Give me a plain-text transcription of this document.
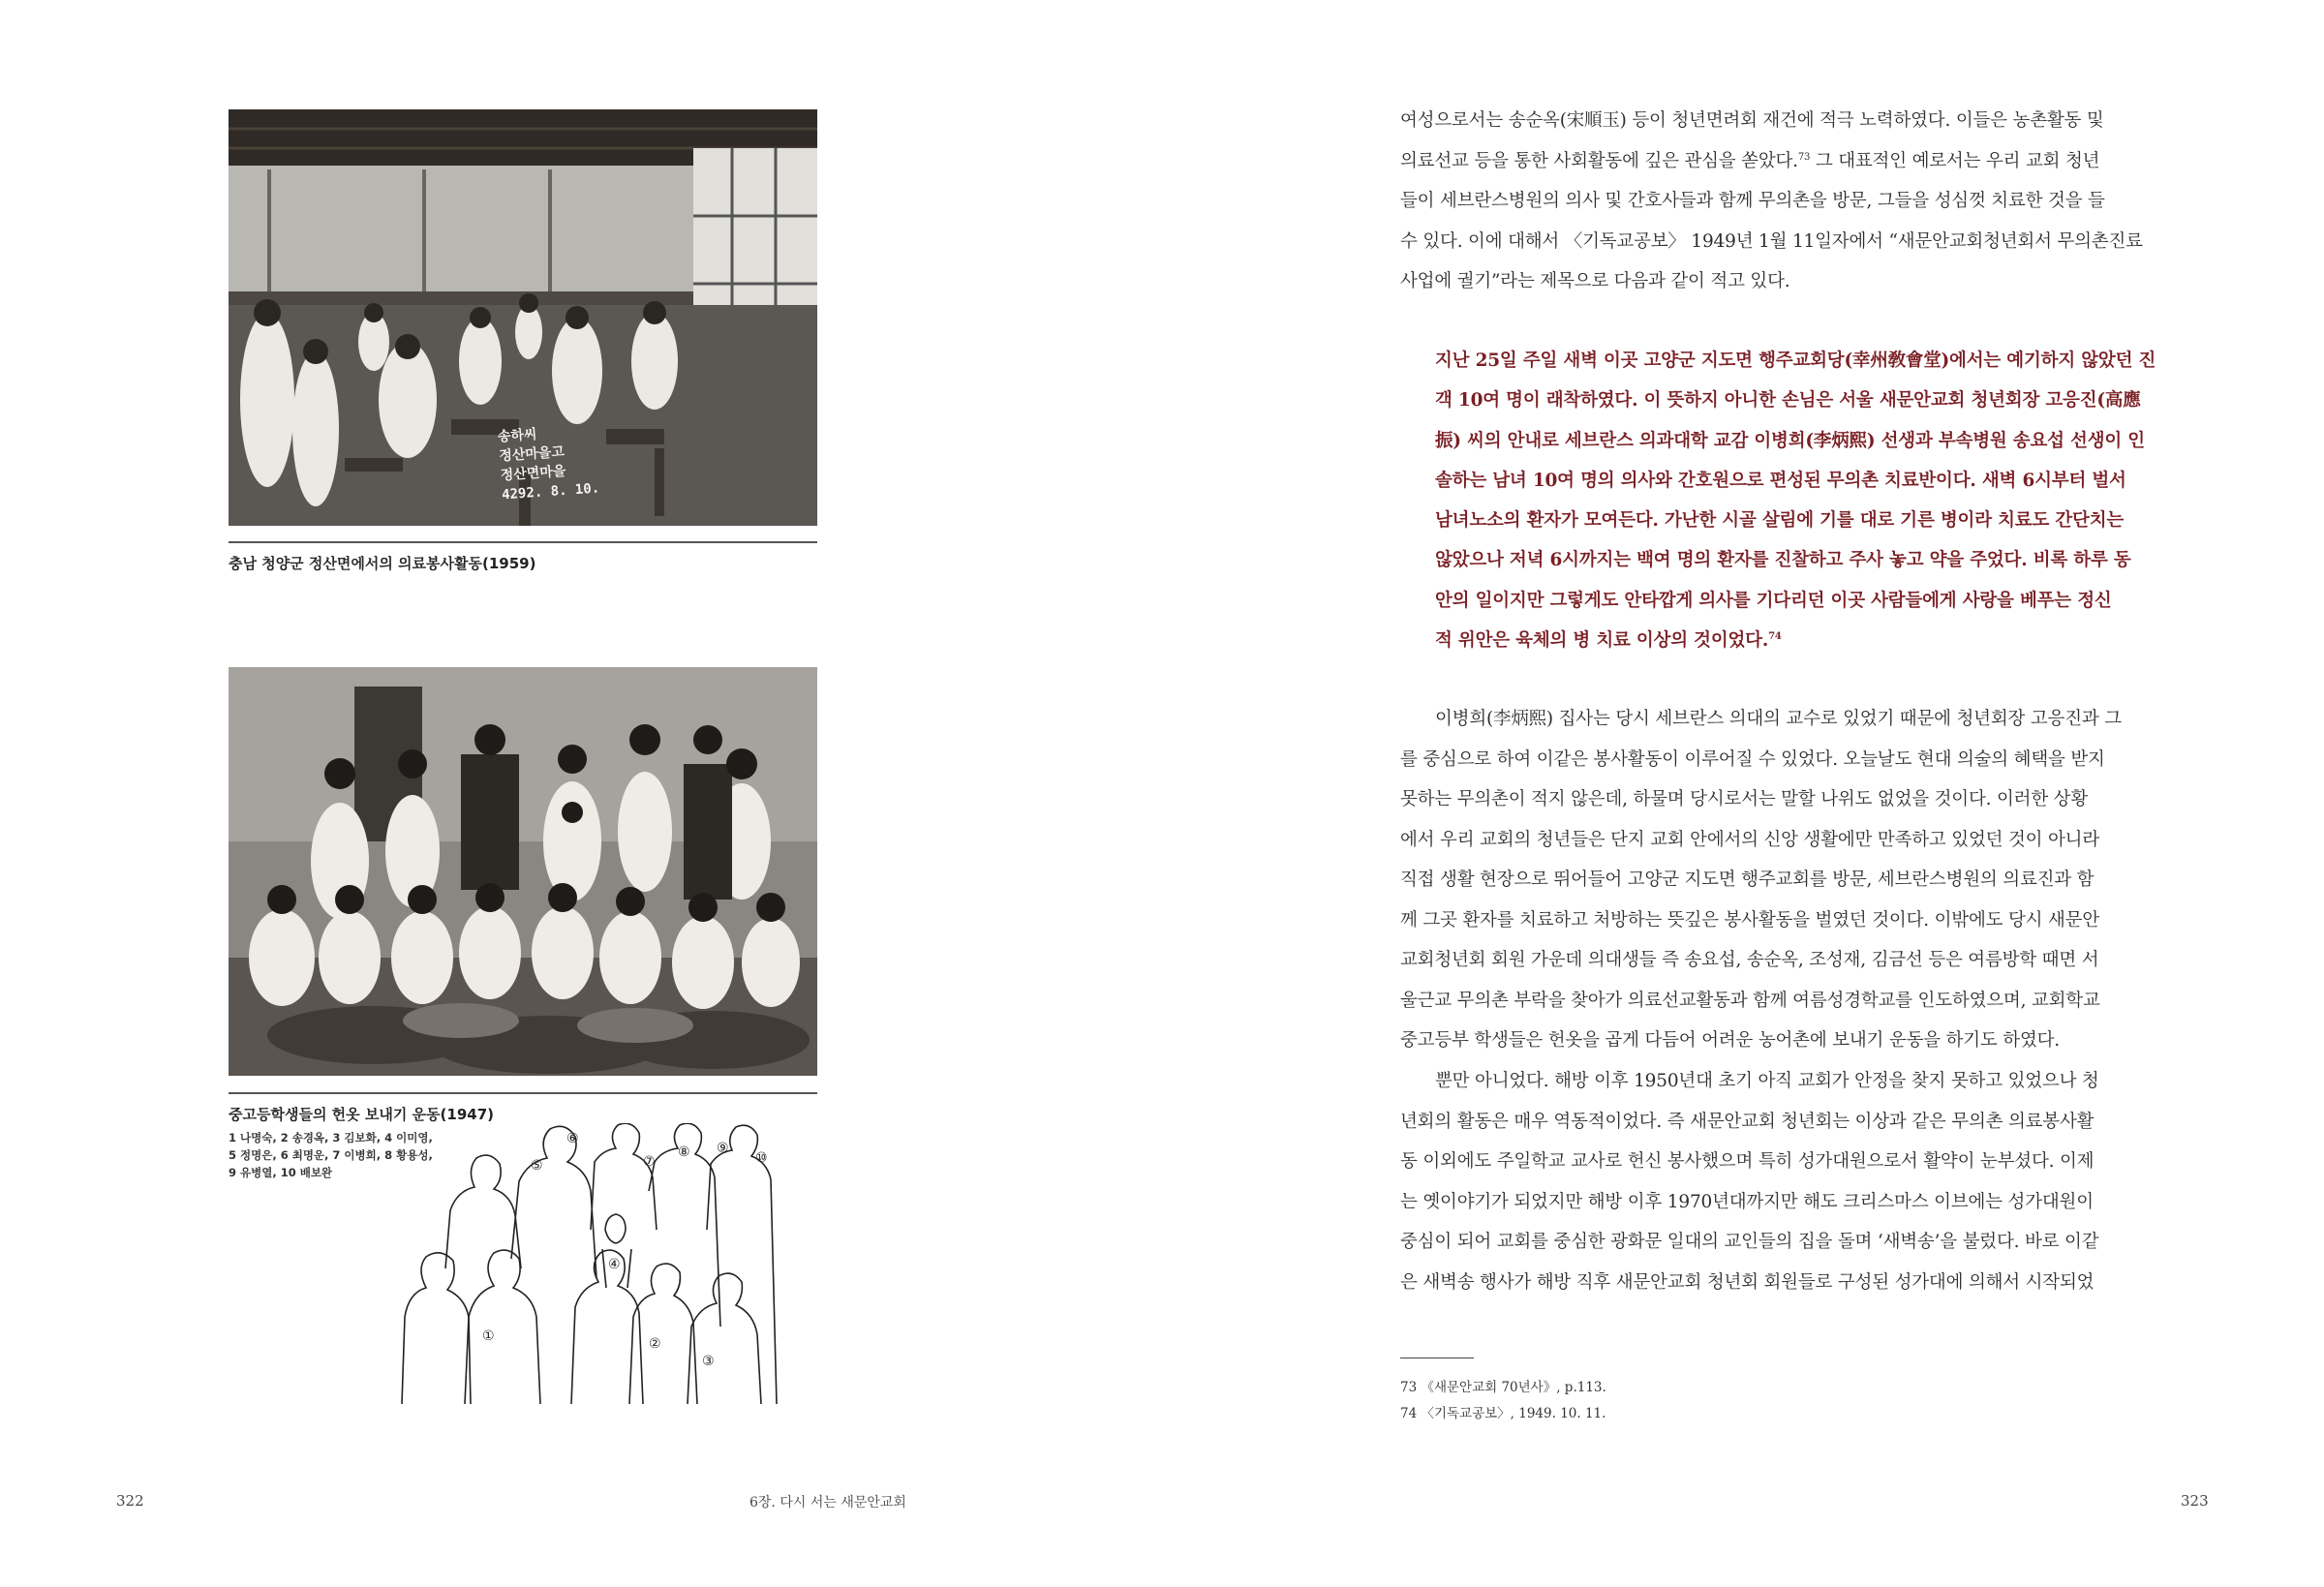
송하씨
정산마을고
정산면마을
4292. 8. 10.
충남 청양군 정산면에서의 의료봉사활동(1959)
중고등학생들의 헌옷 보내기 운동(1947)
1 나명숙, 2 송경옥, 3 김보화, 4 이미영,
5 정명은, 6 최명운, 7 이병희, 8 황용성,
9 유병열, 10 배보완
①	②
③
④
⑤
⑥
⑦
⑧ ⑨
⑩
322	6장. 다시 서는 새문안교회
여성으로서는 송순옥(宋順玉) 등이 청년면려회 재건에 적극 노력하였다. 이들은 농촌활동 및
의료선교 등을 통한 사회활동에 깊은 관심을 쏟았다.$^{73}$ 그 대표적인 예로서는 우리 교회 청년
들이 세브란스병원의 의사 및 간호사들과 함께 무의촌을 방문, 그들을 성심껏 치료한 것을 들
수 있다. 이에 대해서 〈기독교공보〉 1949년 1월 11일자에서 “새문안교회청년회서 무의촌진료
사업에 궐기”라는 제목으로 다음과 같이 적고 있다.
지난 25일 주일 새벽 이곳 고양군 지도면 행주교회당(幸州敎會堂)에서는 예기하지 않았던 진
객 10여 명이 래착하였다. 이 뜻하지 아니한 손님은 서울 새문안교회 청년회장 고응진(高應
振) 씨의 안내로 세브란스 의과대학 교감 이병희(李炳熙) 선생과 부속병원 송요섭 선생이 인
솔하는 남녀 10여 명의 의사와 간호원으로 편성된 무의촌 치료반이다. 새벽 6시부터 벌서
남녀노소의 환자가 모여든다. 가난한 시골 살림에 기를 대로 기른 병이라 치료도 간단치는
않았으나 저녁 6시까지는 백여 명의 환자를 진찰하고 주사 놓고 약을 주었다. 비록 하루 동
안의 일이지만 그렇게도 안타깝게 의사를 기다리던 이곳 사람들에게 사랑을 베푸는 정신
적 위안은 육체의 병 치료 이상의 것이었다.$^{74}$
이병희(李炳熙) 집사는 당시 세브란스 의대의 교수로 있었기 때문에 청년회장 고응진과 그
를 중심으로 하여 이같은 봉사활동이 이루어질 수 있었다. 오늘날도 현대 의술의 혜택을 받지
못하는 무의촌이 적지 않은데, 하물며 당시로서는 말할 나위도 없었을 것이다. 이러한 상황
에서 우리 교회의 청년들은 단지 교회 안에서의 신앙 생활에만 만족하고 있었던 것이 아니라
직접 생활 현장으로 뛰어들어 고양군 지도면 행주교회를 방문, 세브란스병원의 의료진과 함
께 그곳 환자를 치료하고 처방하는 뜻깊은 봉사활동을 벌였던 것이다. 이밖에도 당시 새문안
교회청년회 회원 가운데 의대생들 즉 송요섭, 송순옥, 조성재, 김금선 등은 여름방학 때면 서
울근교 무의촌 부락을 찾아가 의료선교활동과 함께 여름성경학교를 인도하였으며, 교회학교
중고등부 학생들은 헌옷을 곱게 다듬어 어려운 농어촌에 보내기 운동을 하기도 하였다.
뿐만 아니었다. 해방 이후 1950년대 초기 아직 교회가 안정을 찾지 못하고 있었으나 청
년회의 활동은 매우 역동적이었다. 즉 새문안교회 청년회는 이상과 같은 무의촌 의료봉사활
동 이외에도 주일학교 교사로 헌신 봉사했으며 특히 성가대원으로서 활약이 눈부셨다. 이제
는 옛이야기가 되었지만 해방 이후 1970년대까지만 해도 크리스마스 이브에는 성가대원이
중심이 되어 교회를 중심한 광화문 일대의 교인들의 집을 돌며 ‘새벽송’을 불렀다. 바로 이같
은 새벽송 행사가 해방 직후 새문안교회 청년회 회원들로 구성된 성가대에 의해서 시작되었
73 《새문안교회 70년사》, p.113.
74 〈기독교공보〉, 1949. 10. 11.
323
